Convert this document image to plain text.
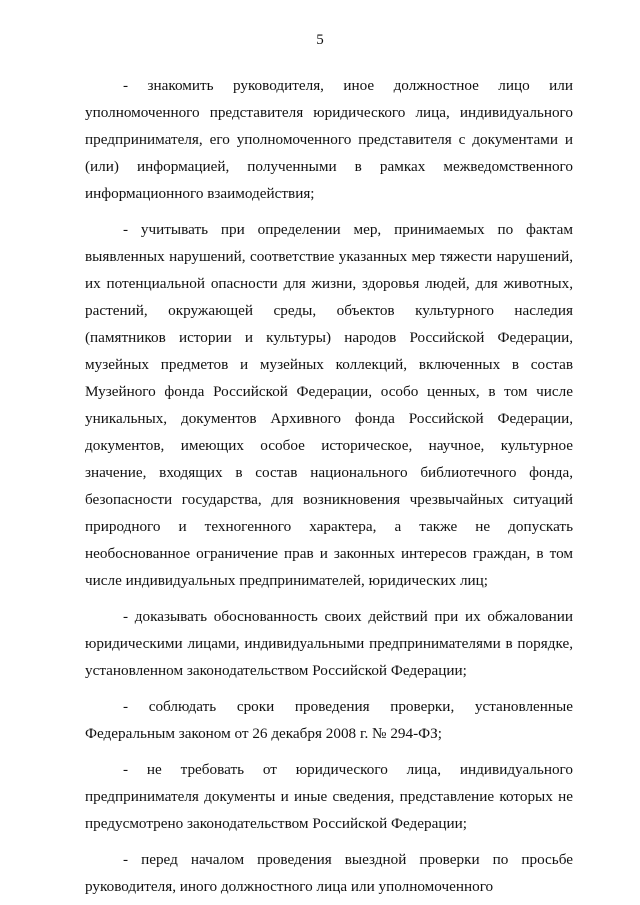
5

- знакомить руководителя, иное должностное лицо или уполномоченного представителя юридического лица, индивидуального предпринимателя, его уполномоченного представителя с документами и (или) информацией, полученными в рамках межведомственного информационного взаимодействия;

- учитывать при определении мер, принимаемых по фактам выявленных нарушений, соответствие указанных мер тяжести нарушений, их потенциальной опасности для жизни, здоровья людей, для животных, растений, окружающей среды, объектов культурного наследия (памятников истории и культуры) народов Российской Федерации, музейных предметов и музейных коллекций, включенных в состав Музейного фонда Российской Федерации, особо ценных, в том числе уникальных, документов Архивного фонда Российской Федерации, документов, имеющих особое историческое, научное, культурное значение, входящих в состав национального библиотечного фонда, безопасности государства, для возникновения чрезвычайных ситуаций природного и техногенного характера, а также не допускать необоснованное ограничение прав и законных интересов граждан, в том числе индивидуальных предпринимателей, юридических лиц;

- доказывать обоснованность своих действий при их обжаловании юридическими лицами, индивидуальными предпринимателями в порядке, установленном законодательством Российской Федерации;

- соблюдать сроки проведения проверки, установленные Федеральным законом от 26 декабря 2008 г. № 294-ФЗ;

- не требовать от юридического лица, индивидуального предпринимателя документы и иные сведения, представление которых не предусмотрено законодательством Российской Федерации;

- перед началом проведения выездной проверки по просьбе руководителя, иного должностного лица или уполномоченного
